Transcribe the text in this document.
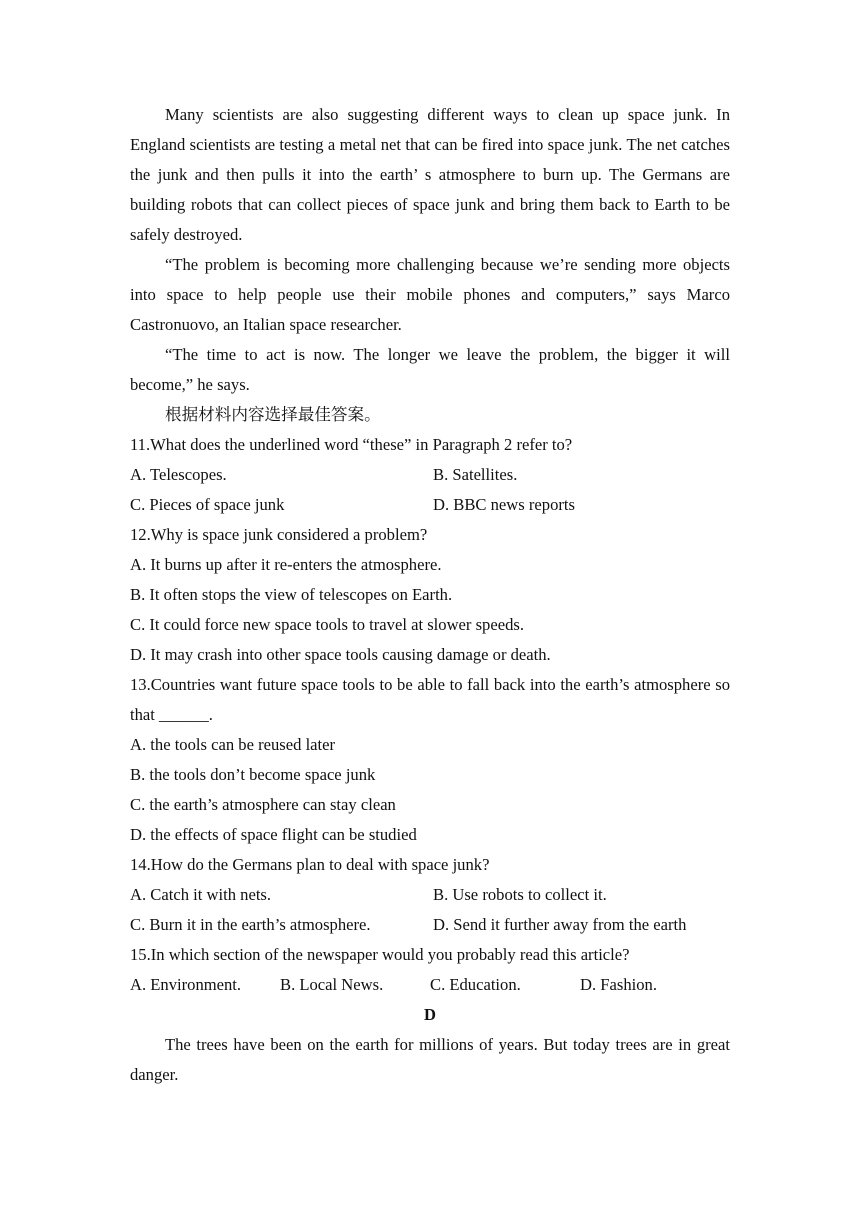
Many scientists are also suggesting different ways to clean up space junk. In England scientists are testing a metal net that can be fired into space junk. The net catches the junk and then pulls it into the earth’ s atmosphere to burn up. The Germans are building robots that can collect pieces of space junk and bring them back to Earth to be safely destroyed.

“The problem is becoming more challenging because we’re sending more objects into space to help people use their mobile phones and computers,” says Marco Castronuovo, an Italian space researcher.

“The time to act is now. The longer we leave the problem, the bigger it will become,” he says.

根据材料内容选择最佳答案。

11.What does the underlined word “these” in Paragraph 2 refer to?

A. Telescopes.	B. Satellites.
C. Pieces of space junk	D. BBC news reports

12.Why is space junk considered a problem?

A. It burns up after it re-enters the atmosphere.

B. It often stops the view of telescopes on Earth.

C. It could force new space tools to travel at slower speeds.

D. It may crash into other space tools causing damage or death.

13.Countries want future space tools to be able to fall back into the earth’s atmosphere so that ______.

A. the tools can be reused later

B. the tools don’t become space junk

C. the earth’s atmosphere can stay clean

D. the effects of space flight can be studied

14.How do the Germans plan to deal with space junk?

A. Catch it with nets.	B. Use robots to collect it.
C. Burn it in the earth’s atmosphere.	D. Send it further away from the earth

15.In which section of the newspaper would you probably read this article?

A. Environment.	B. Local News.	C. Education.	D. Fashion.

D

The trees have been on the earth for millions of years. But today trees are in great danger.
